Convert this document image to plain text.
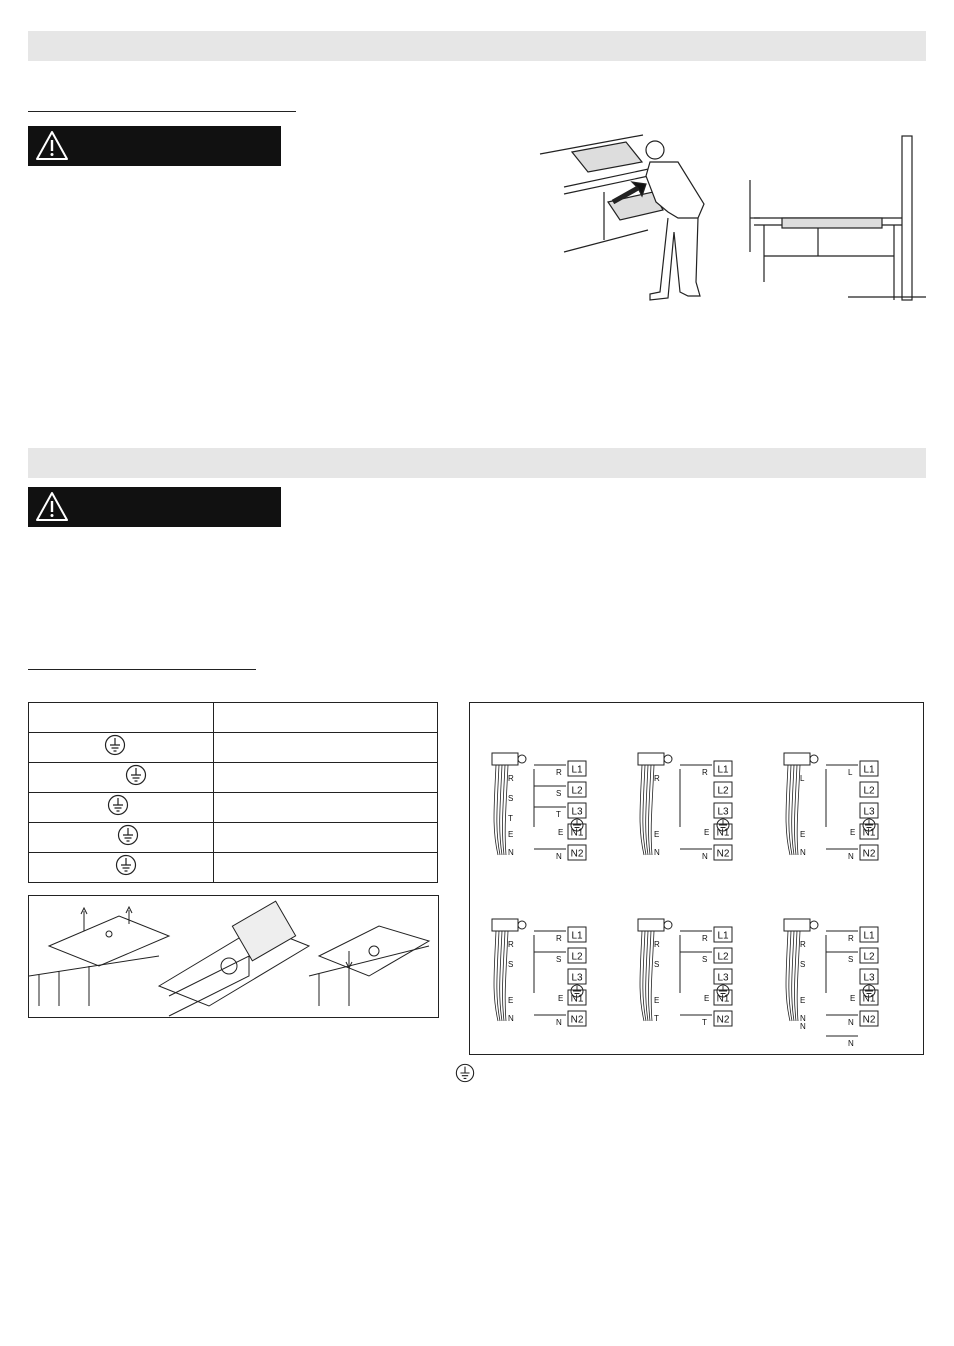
L1
L2
L3
N1
N2
R
S
T
E
N
R
S
T
N
E
L1
L2
L3
N1
N2
R
E
N
R
N
E
L1
L2
L3
N1
N2
L
E
N
L
N
E
L1
L2
L3
N1
N2
R
S
E
N
R
S
N
E
L1
L2
L3
N1
N2
R
S
E
T
R
S
T
E
L1
L2
L3
N1
N2
R
S
E
N
N
R
S
N
N
E
